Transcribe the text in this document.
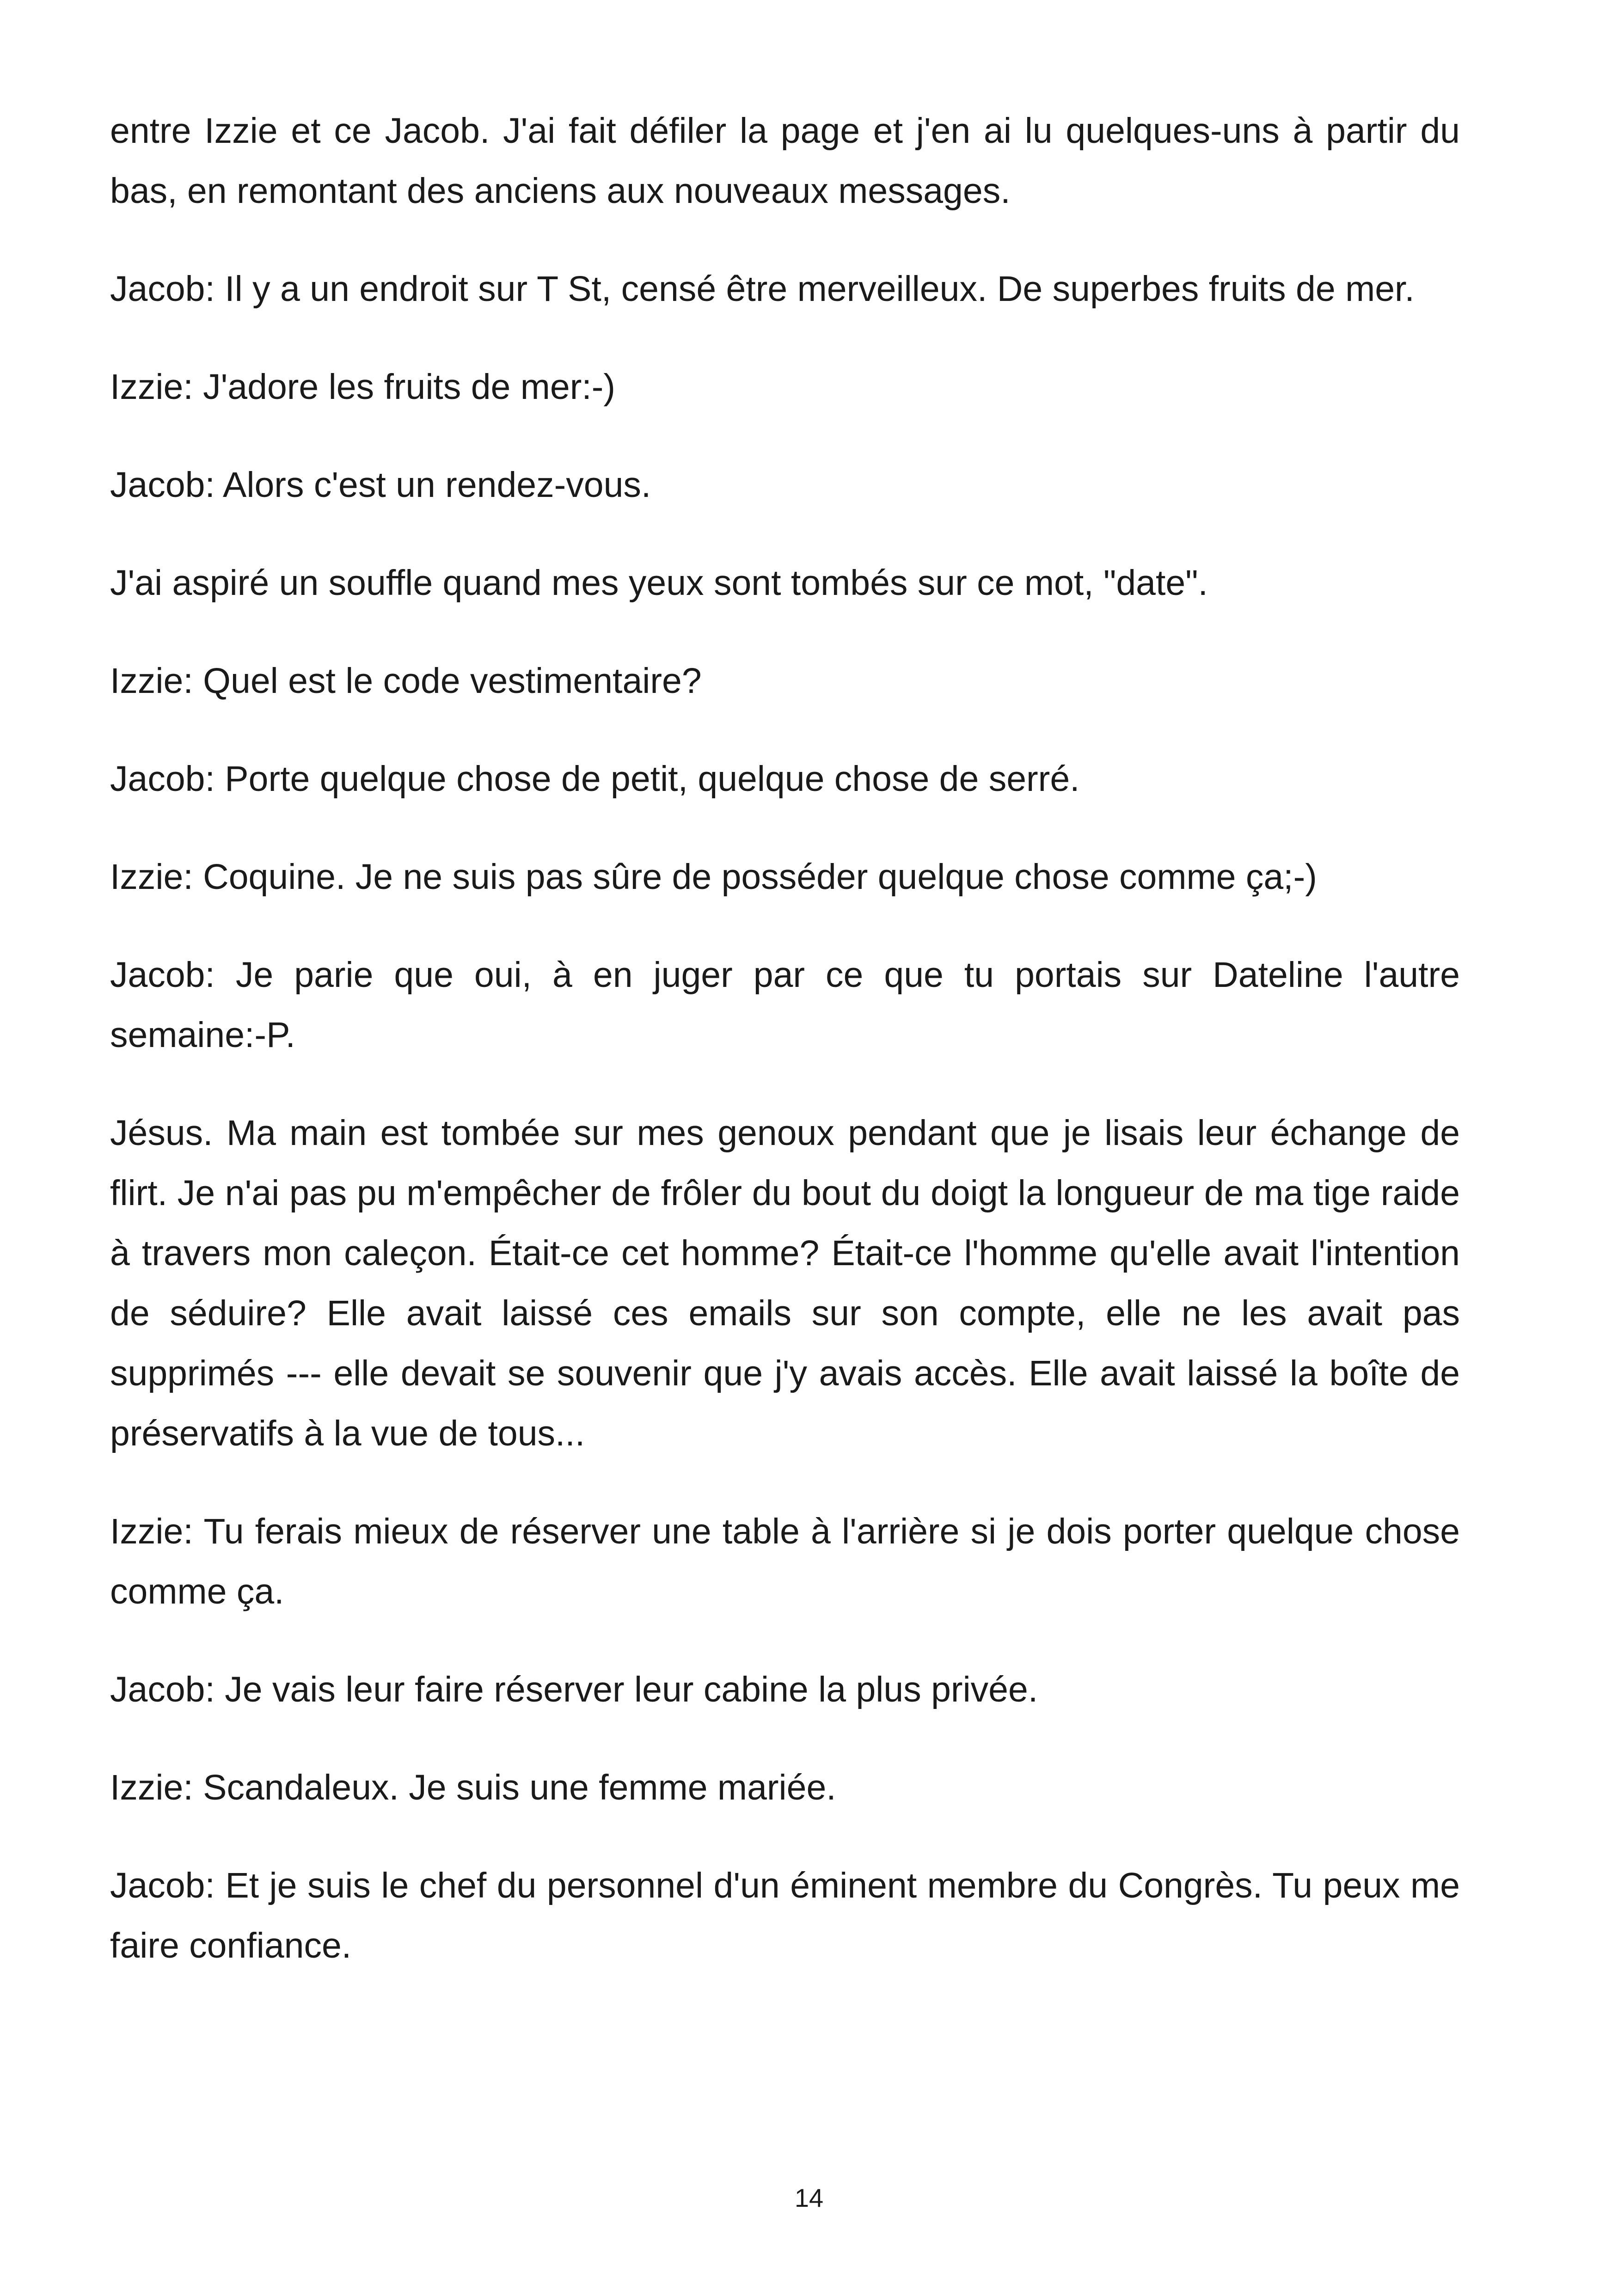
entre Izzie et ce Jacob. J'ai fait défiler la page et j'en ai lu quelques-uns à partir du bas, en remontant des anciens aux nouveaux messages.

Jacob: Il y a un endroit sur T St, censé être merveilleux. De superbes fruits de mer.

Izzie: J'adore les fruits de mer:-)

Jacob: Alors c'est un rendez-vous.

J'ai aspiré un souffle quand mes yeux sont tombés sur ce mot, "date".

Izzie: Quel est le code vestimentaire?

Jacob: Porte quelque chose de petit, quelque chose de serré.

Izzie: Coquine. Je ne suis pas sûre de posséder quelque chose comme ça;-)

Jacob: Je parie que oui, à en juger par ce que tu portais sur Dateline l'autre semaine:-P.

Jésus. Ma main est tombée sur mes genoux pendant que je lisais leur échange de flirt. Je n'ai pas pu m'empêcher de frôler du bout du doigt la longueur de ma tige raide à travers mon caleçon. Était-ce cet homme? Était-ce l'homme qu'elle avait l'intention de séduire? Elle avait laissé ces emails sur son compte, elle ne les avait pas supprimés --- elle devait se souvenir que j'y avais accès. Elle avait laissé la boîte de préservatifs à la vue de tous...

Izzie: Tu ferais mieux de réserver une table à l'arrière si je dois porter quelque chose comme ça.

Jacob: Je vais leur faire réserver leur cabine la plus privée.

Izzie: Scandaleux. Je suis une femme mariée.

Jacob: Et je suis le chef du personnel d'un éminent membre du Congrès. Tu peux me faire confiance.

14
